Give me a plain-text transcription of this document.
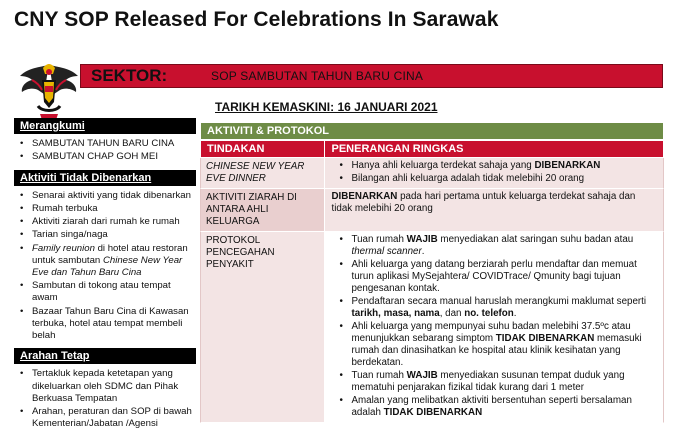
CNY SOP Released For Celebrations In Sarawak
SEKTOR:	SOP SAMBUTAN TAHUN BARU CINA
TARIKH KEMASKINI: 16 JANUARI 2021
Merangkumi
• SAMBUTAN TAHUN BARU CINA
• SAMBUTAN CHAP GOH MEI
Aktiviti Tidak Dibenarkan
• Senarai aktiviti yang tidak dibenarkan
• Rumah terbuka
• Aktiviti ziarah dari rumah ke rumah
• Tarian singa/naga
• Family reunion di hotel atau restoran untuk sambutan Chinese New Year Eve dan Tahun Baru Cina
• Sambutan di tokong atau tempat awam
• Bazaar Tahun Baru Cina di Kawasan terbuka, hotel atau tempat membeli belah
Arahan Tetap
• Tertakluk kepada ketetapan yang dikeluarkan oleh SDMC dan Pihak Berkuasa Tempatan
• Arahan, peraturan dan SOP di bawah Kementerian/Jabatan /Agensi
AKTIVITI & PROTOKOL
TINDAKAN	PENERANGAN RINGKAS
CHINESE NEW YEAR EVE DINNER
• Hanya ahli keluarga terdekat sahaja yang DIBENARKAN
• Bilangan ahli keluarga adalah tidak melebihi 20 orang
AKTIVITI ZIARAH DI ANTARA AHLI KELUARGA
DIBENARKAN pada hari pertama untuk keluarga terdekat sahaja dan tidak melebihi 20 orang
PROTOKOL PENCEGAHAN PENYAKIT
• Tuan rumah WAJIB menyediakan alat saringan suhu badan atau thermal scanner.
• Ahli keluarga yang datang berziarah perlu mendaftar dan memuat turun aplikasi MySejahtera/ COVIDTrace/ Qmunity bagi tujuan pengesanan kontak.
• Pendaftaran secara manual haruslah merangkumi maklumat seperti tarikh, masa, nama, dan no. telefon.
• Ahli keluarga yang mempunyai suhu badan melebihi 37.5ºc atau menunjukkan sebarang simptom TIDAK DIBENARKAN memasuki rumah dan dinasihatkan ke hospital atau klinik kesihatan yang berdekatan.
• Tuan rumah WAJIB menyediakan susunan tempat duduk yang mematuhi penjarakan fizikal tidak kurang dari 1 meter
• Amalan yang melibatkan aktiviti bersentuhan seperti bersalaman adalah TIDAK DIBENARKAN
